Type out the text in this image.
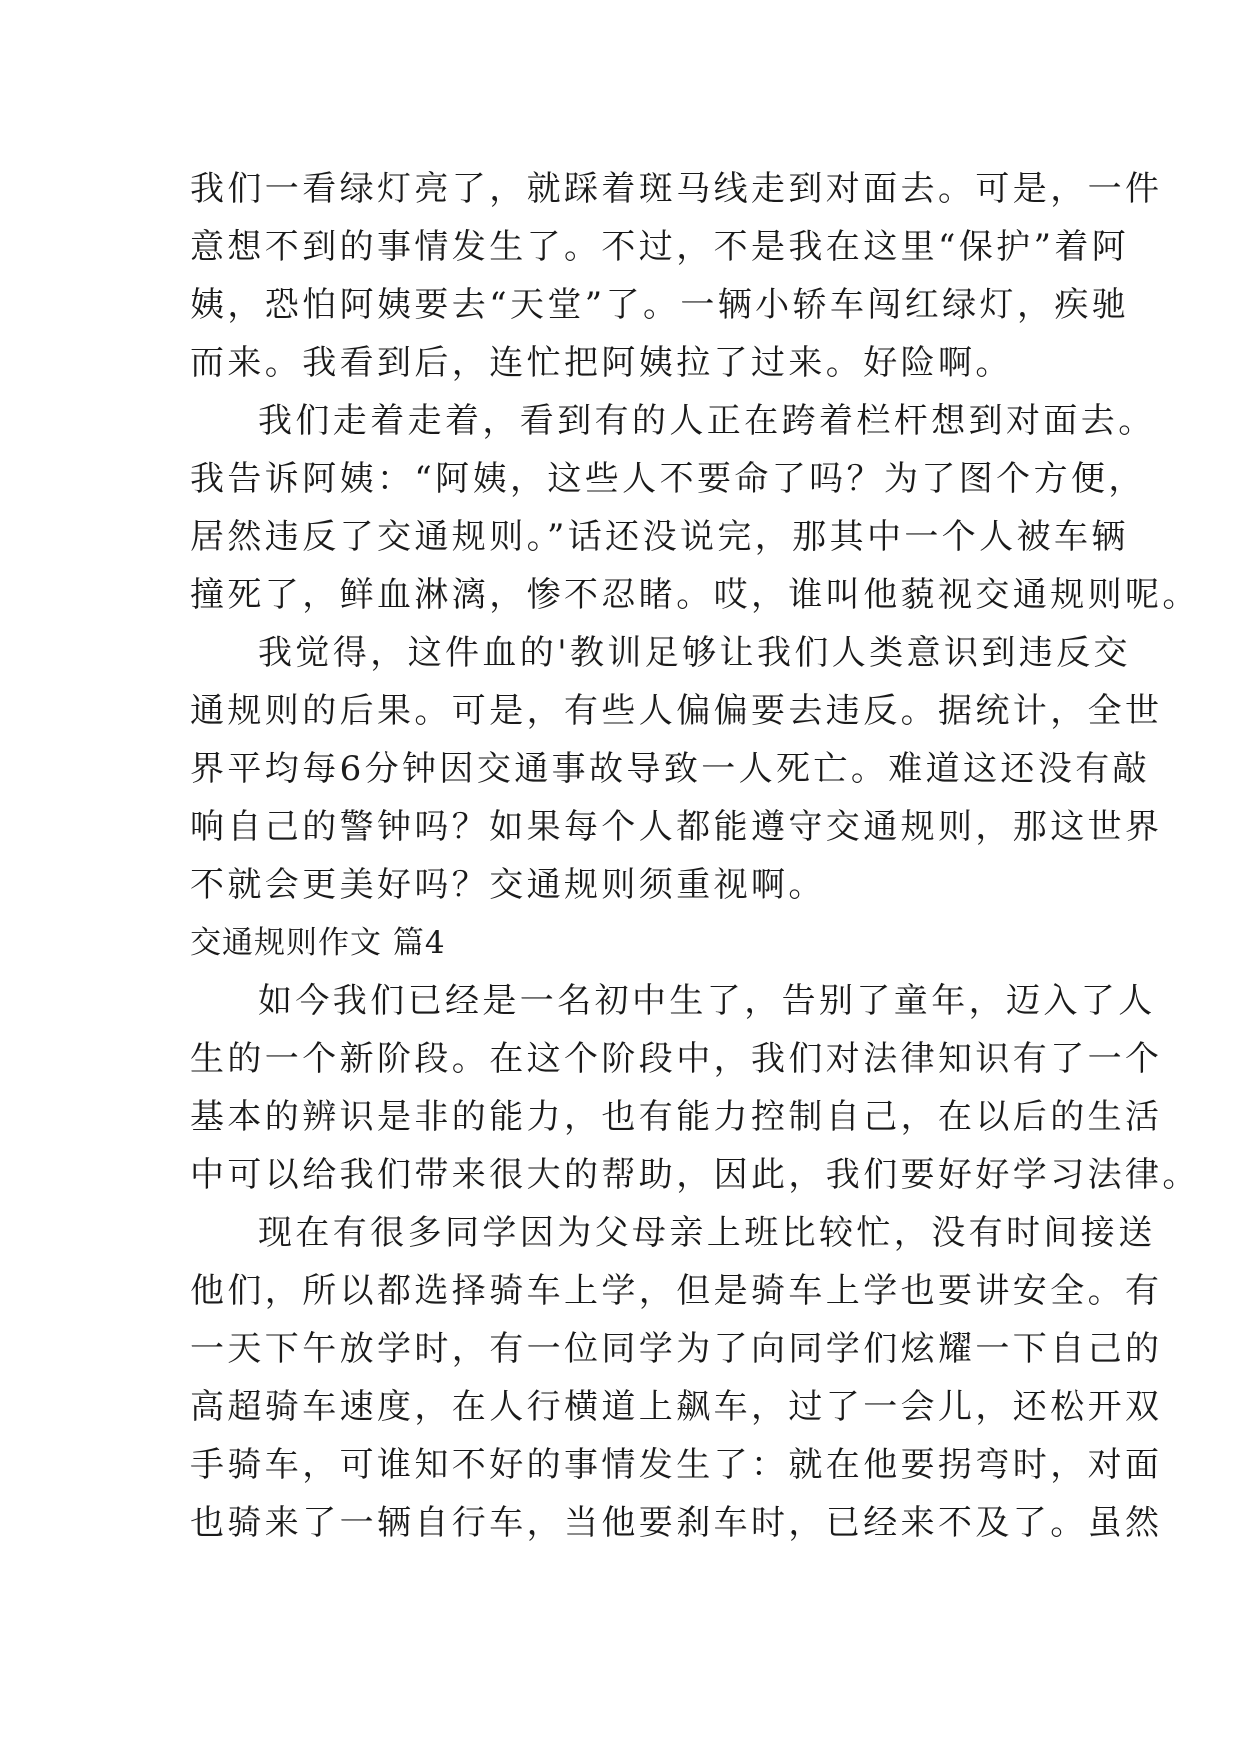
我们一看绿灯亮了，就踩着斑马线走到对面去。可是，一件
意想不到的事情发生了。不过，不是我在这里“保护”着阿
姨，恐怕阿姨要去“天堂”了。一辆小轿车闯红绿灯，疾驰
而来。我看到后，连忙把阿姨拉了过来。好险啊。
我们走着走着，看到有的人正在跨着栏杆想到对面去。
我告诉阿姨：“阿姨，这些人不要命了吗？为了图个方便，
居然违反了交通规则。”话还没说完，那其中一个人被车辆
撞死了，鲜血淋漓，惨不忍睹。哎，谁叫他藐视交通规则呢。
我觉得，这件血的'教训足够让我们人类意识到违反交
通规则的后果。可是，有些人偏偏要去违反。据统计，全世
界平均每6分钟因交通事故导致一人死亡。难道这还没有敲
响自己的警钟吗？如果每个人都能遵守交通规则，那这世界
不就会更美好吗？交通规则须重视啊。
交通规则作文 篇4
如今我们已经是一名初中生了，告别了童年，迈入了人
生的一个新阶段。在这个阶段中，我们对法律知识有了一个
基本的辨识是非的能力，也有能力控制自己，在以后的生活
中可以给我们带来很大的帮助，因此，我们要好好学习法律。
现在有很多同学因为父母亲上班比较忙，没有时间接送
他们，所以都选择骑车上学，但是骑车上学也要讲安全。有
一天下午放学时，有一位同学为了向同学们炫耀一下自己的
高超骑车速度，在人行横道上飙车，过了一会儿，还松开双
手骑车，可谁知不好的事情发生了：就在他要拐弯时，对面
也骑来了一辆自行车，当他要刹车时，已经来不及了。虽然
